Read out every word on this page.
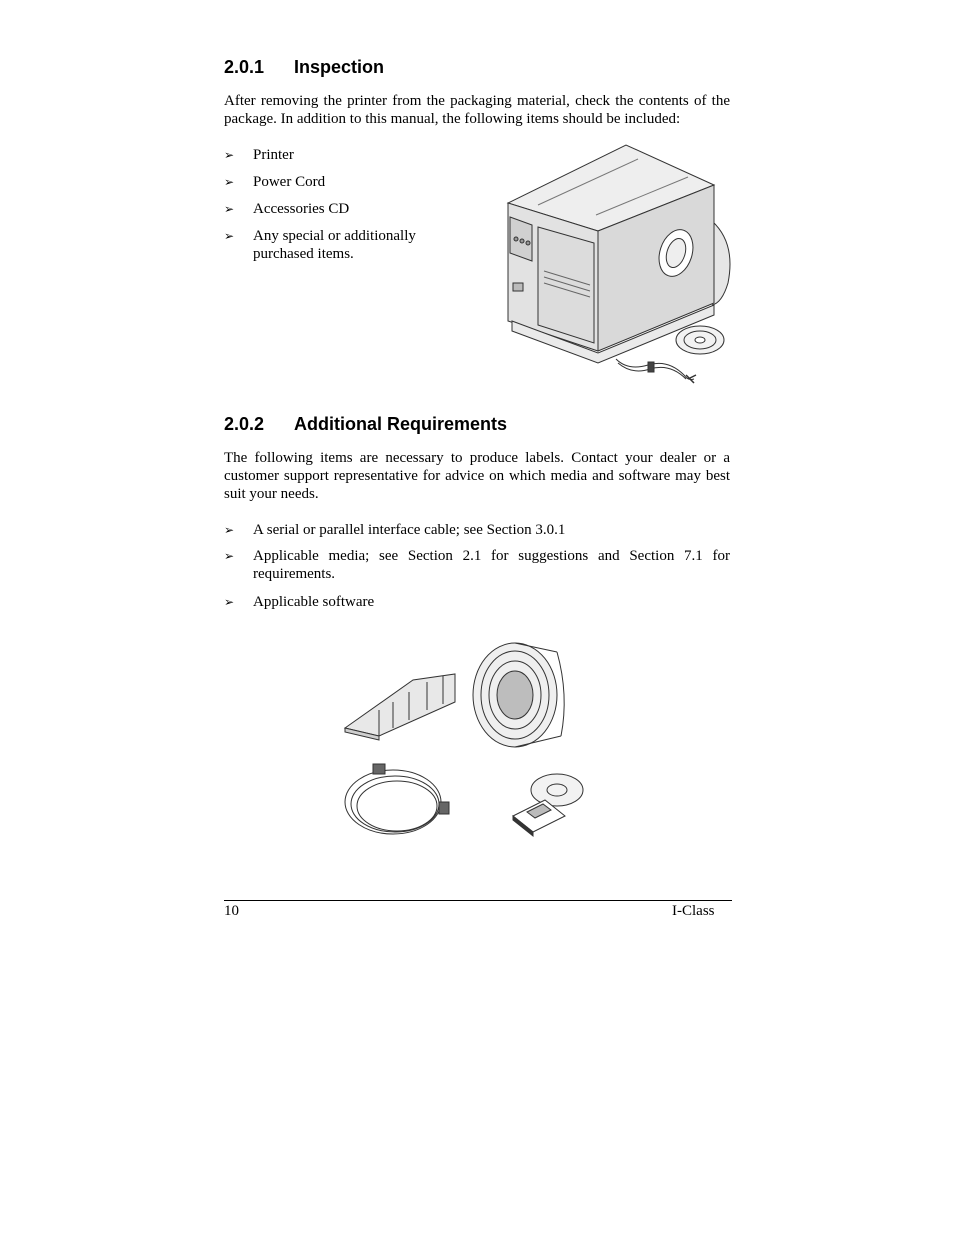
2.0.1 Inspection
After removing the printer from the packaging material, check the contents of the package. In addition to this manual, the following items should be included:
➢ Printer
➢ Power Cord
➢ Accessories CD
➢ Any special or additionally purchased items.
2.0.2 Additional Requirements
The following items are necessary to produce labels. Contact your dealer or a customer support representative for advice on which media and software may best suit your needs.
➢ A serial or parallel interface cable; see Section 3.0.1
➢ Applicable media; see Section 2.1 for suggestions and Section 7.1 for requirements.
➢ Applicable software
10	I-Class
